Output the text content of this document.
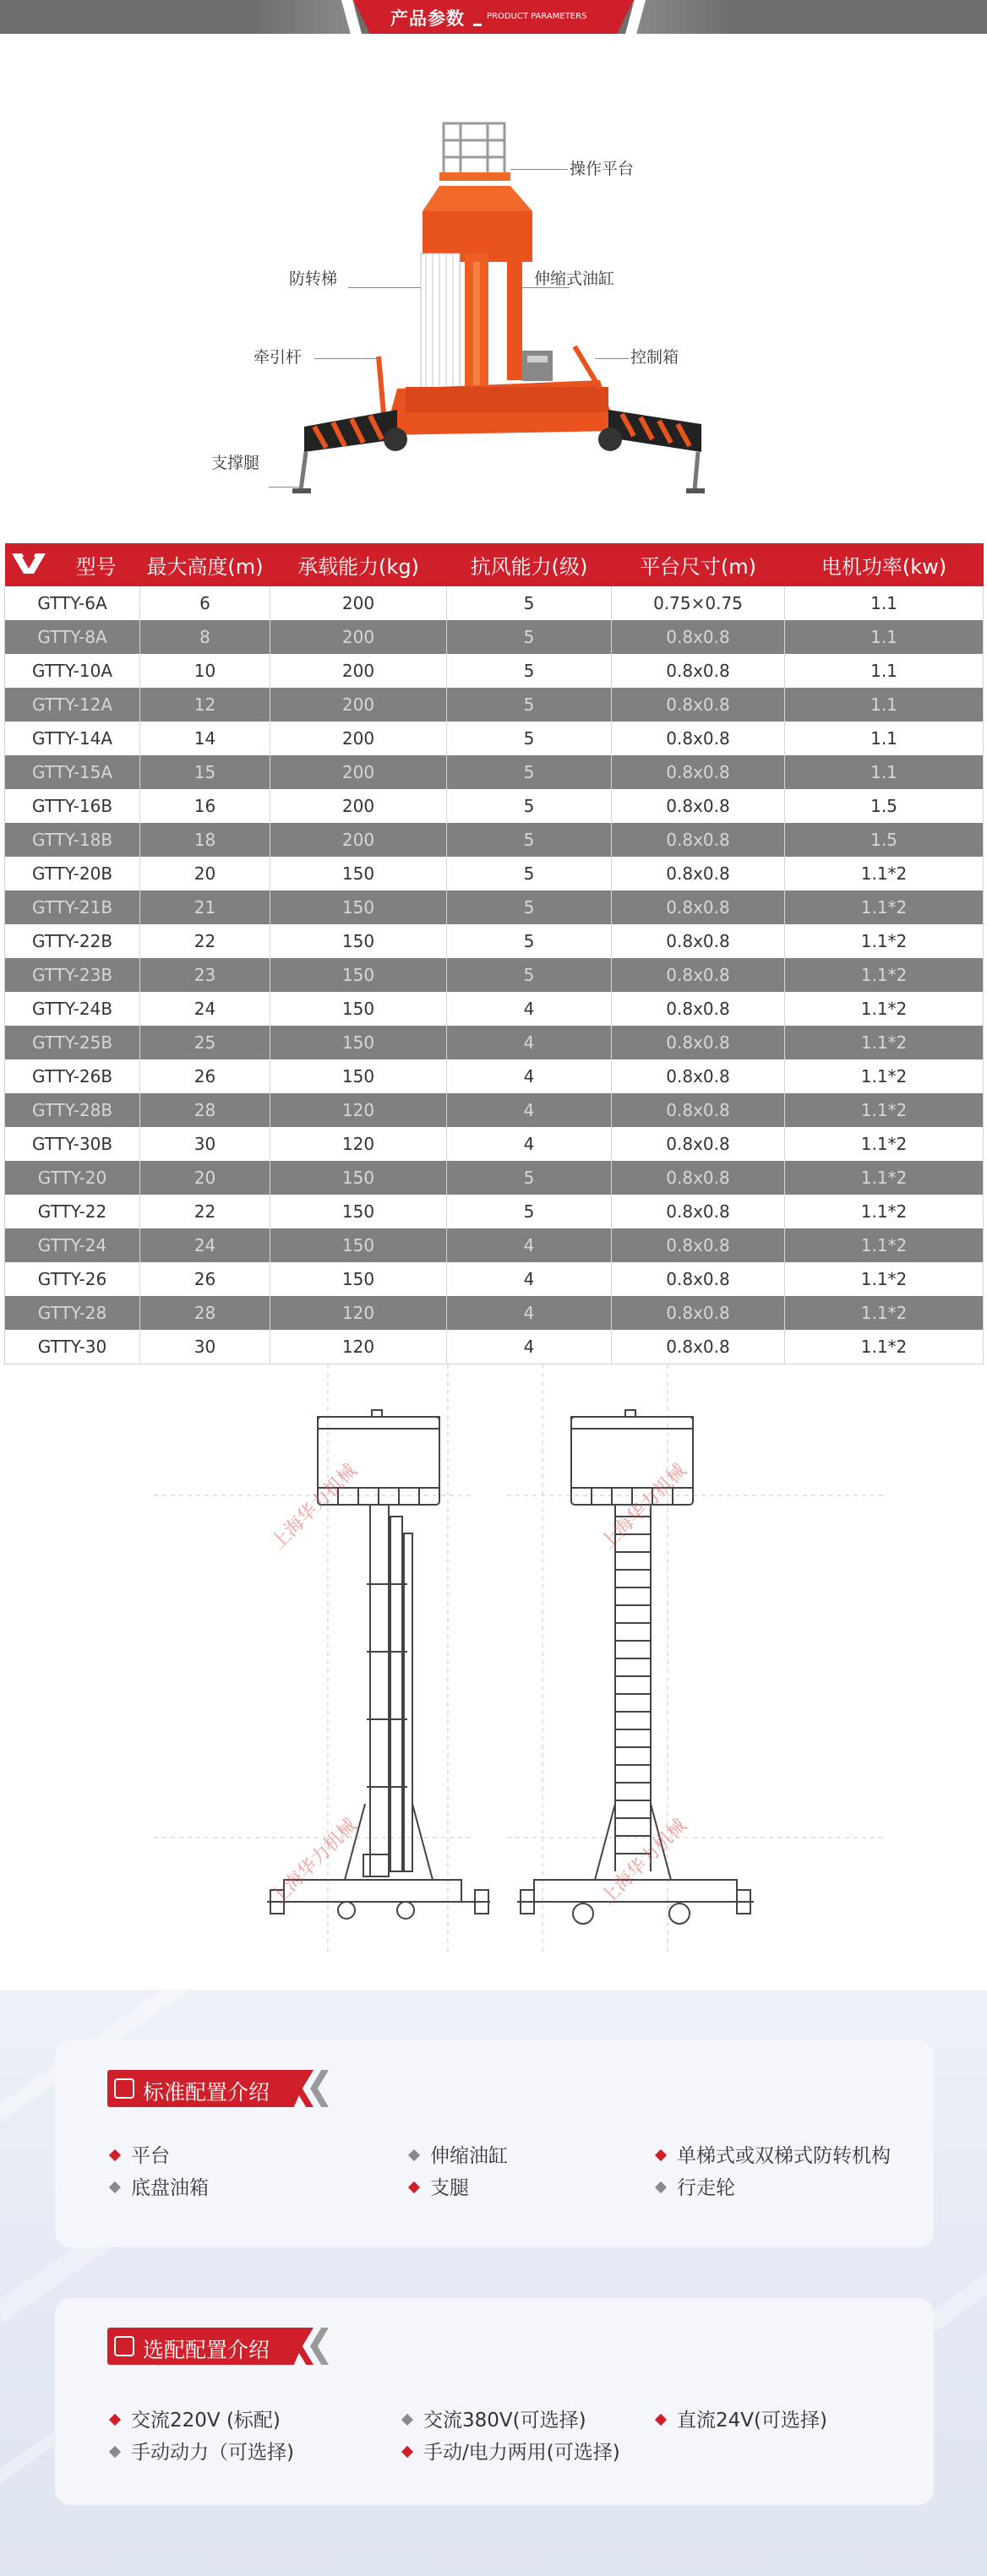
产品参数	PRODUCT PARAMETERS
操作平台
防转梯	伸缩式油缸
牵引杆	控制箱
支撑腿
	型号	最大高度(m)	承载能力(kg)	抗风能力(级)	平台尺寸(m)	电机功率(kw)
GTTY-6A		6	200	5	0.75×0.75	1.1
GTTY-8A		8	200	5	0.8x0.8	1.1
GTTY-10A		10	200	5	0.8x0.8	1.1
GTTY-12A		12	200	5	0.8x0.8	1.1
GTTY-14A		14	200	5	0.8x0.8	1.1
GTTY-15A		15	200	5	0.8x0.8	1.1
GTTY-16B		16	200	5	0.8x0.8	1.5
GTTY-18B		18	200	5	0.8x0.8	1.5
GTTY-20B		20	150	5	0.8x0.8	1.1*2
GTTY-21B		21	150	5	0.8x0.8	1.1*2
GTTY-22B		22	150	5	0.8x0.8	1.1*2
GTTY-23B		23	150	5	0.8x0.8	1.1*2
GTTY-24B		24	150	4	0.8x0.8	1.1*2
GTTY-25B		25	150	4	0.8x0.8	1.1*2
GTTY-26B		26	150	4	0.8x0.8	1.1*2
GTTY-28B		28	120	4	0.8x0.8	1.1*2
GTTY-30B		30	120	4	0.8x0.8	1.1*2
GTTY-20		20	150	5	0.8x0.8	1.1*2
GTTY-22		22	150	5	0.8x0.8	1.1*2
GTTY-24		24	150	4	0.8x0.8	1.1*2
GTTY-26		26	150	4	0.8x0.8	1.1*2
GTTY-28		28	120	4	0.8x0.8	1.1*2
GTTY-30		30	120	4	0.8x0.8	1.1*2
上海华力机械	上海华力机械
上海华力机械	上海华力机械
标准配置介绍
平台	伸缩油缸	单梯式或双梯式防转机构
底盘油箱	支腿	行走轮
选配配置介绍
交流220V (标配)	交流380V(可选择)	直流24V(可选择)
手动动力（可选择)	手动/电力两用(可选择)
